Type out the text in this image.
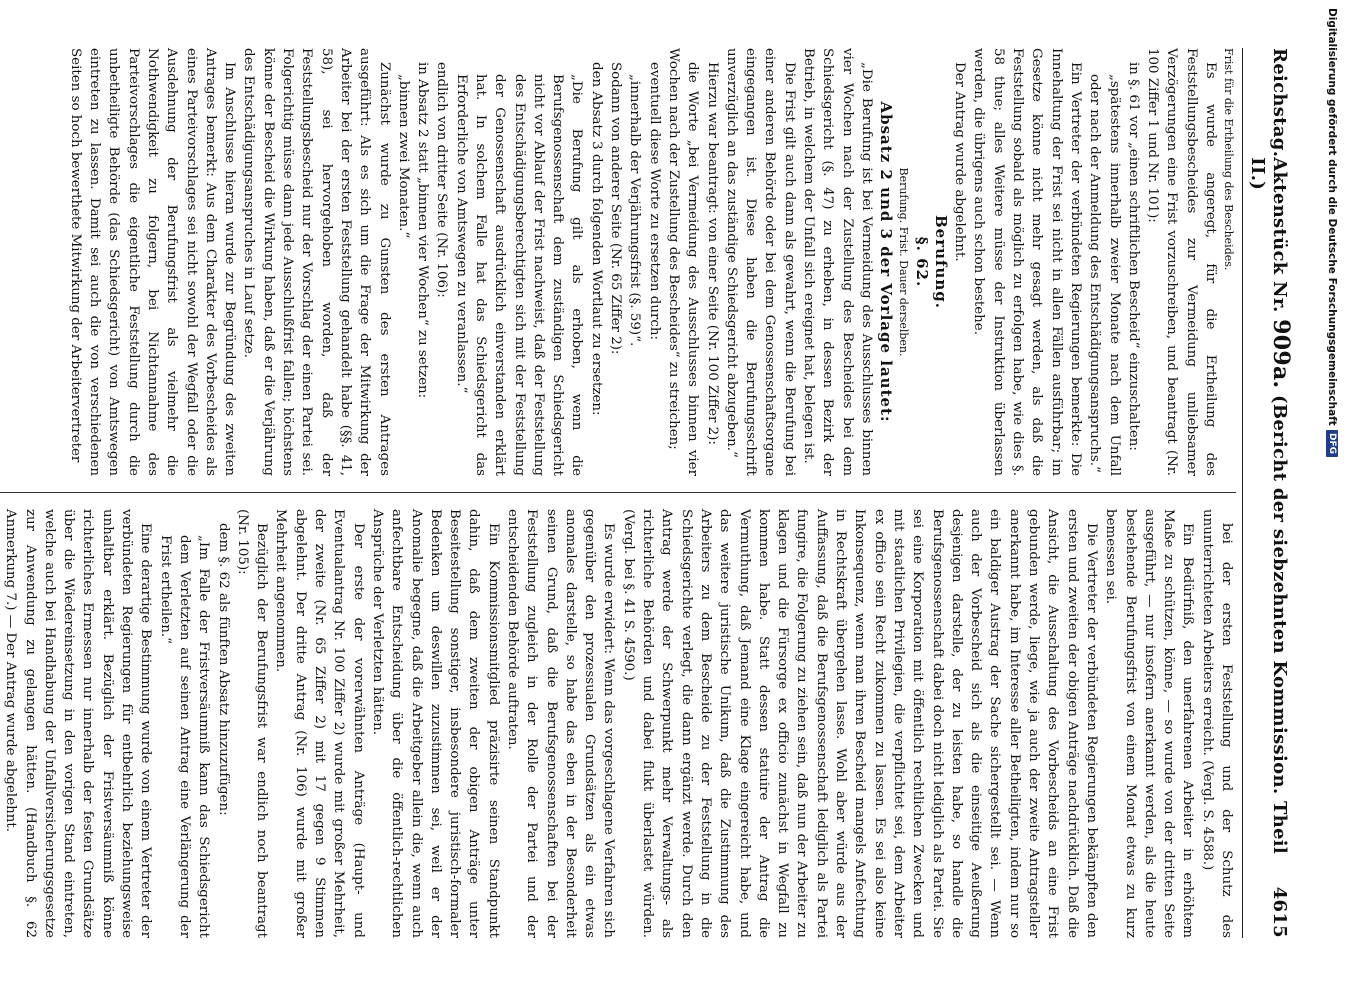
Reichstag.
Aktenstück Nr. 909a. (Bericht der siebzehnten Kommission. Theil II.)
4615

Frist für die Ertheilung des Bescheides.

Es wurde angeregt, für die Ertheilung des Feststellungsbescheides zur Vermeidung unliebsamer Verzögerungen eine Frist vorzuschreiben, und beantragt (Nr. 100 Ziffer 1 und Nr. 101):

in §. 61 vor „einen schriftlichen Bescheid“ einzuschalten:

„spätestens innerhalb zweier Monate nach dem Unfall oder nach der Anmeldung des Entschädigungsanspruchs.“

Ein Vertreter der verbündeten Regierungen bemerkte: Die Innehaltung der Frist sei nicht in allen Fällen ausführbar; im Gesetze könne nicht mehr gesagt werden, als daß die Feststellung sobald als möglich zu erfolgen habe, wie dies §. 58 thue; alles Weitere müsse der Instruktion überlassen werden, die übrigens auch schon bestehe.

Der Antrag wurde abgelehnt.

Berufung.

§. 62.

Berufung. Frist. Dauer derselben.

Absatz 2 und 3 der Vorlage lautet:

„Die Berufung ist bei Vermeidung des Ausschlusses binnen vier Wochen nach der Zustellung des Bescheides bei dem Schiedsgericht (§. 47) zu erheben, in dessen Bezirk der Betrieb, in welchem der Unfall sich ereignet hat, belegen ist.

Die Frist gilt auch dann als gewahrt, wenn die Berufung bei einer anderen Behörde oder bei dem Genossenschaftsorgane eingegangen ist. Diese haben die Berufungsschrift unverzüglich an das zuständige Schiedsgericht abzugeben.“

Hierzu war beantragt: von einer Seite (Nr. 100 Ziffer 2):

die Worte „bei Vermeidung des Ausschlusses binnen vier Wochen nach der Zustellung des Bescheides“ zu streichen;

eventuell diese Worte zu ersetzen durch:

„innerhalb der Verjährungsfrist (§. 59)“.

Sodann von anderer Seite (Nr. 65 Ziffer 2):

den Absatz 3 durch folgenden Wortlaut zu ersetzen:

„Die Berufung gilt als erhoben, wenn die Berufsgenossenschaft dem zuständigen Schiedsgericht nicht vor Ablauf der Frist nachweist, daß der Feststellung des Entschädigungsberechtigten sich mit der Feststellung der Genossenschaft ausdrücklich einverstanden erklärt hat. In solchem Falle hat das Schiedsgericht das Erforderliche von Amtswegen zu veranlassen.“

endlich von dritter Seite (Nr. 106):

in Absatz 2 statt „binnen vier Wochen“ zu setzen:

„binnen zwei Monaten.“

Zunächst wurde zu Gunsten des ersten Antrages ausgeführt: Als es sich um die Frage der Mitwirkung der Arbeiter bei der ersten Feststellung gehandelt habe (§§. 41, 58), sei hervorgehoben worden, daß der Feststellungsbescheid nur der Vorschlag der einen Partei sei. Folgerichtig müsse dann jede Ausschlußfrist fallen; höchstens könne der Bescheid die Wirkung haben, daß er die Verjährung des Entschädigungsanspruches in Lauf setze.

Im Anschlusse hieran wurde zur Begründung des zweiten Antrages bemerkt: Aus dem Charakter des Vorbescheides als eines Parteivorschlages sei nicht sowohl der Wegfall oder die Ausdehnung der Berufungsfrist als vielmehr die Nothwendigkeit zu folgern, bei Nichtannahme des Parteivorschlages die eigentliche Feststellung durch die unbetheiligte Behörde (das Schiedsgericht) von Amtswegen eintreten zu lassen. Damit sei auch die von verschiedenen Seiten so hoch bewerthete Mitwirkung der Arbeitervertreter

bei der ersten Feststellung und der Schutz des ununterrichteten Arbeiters erreicht. (Vergl. S. 4588.)

Ein Bedürfniß, den unerfahrenen Arbeiter in erhöhtem Maße zu schützen, könne, — so wurde von der dritten Seite ausgeführt, — nur insofern anerkannt werden, als die heute bestehende Berufungsfrist von einem Monat etwas zu kurz bemessen sei.

Die Vertreter der verbündeten Regierungen bekämpften den ersten und zweiten der obigen Anträge nachdrücklich. Daß die Ansicht, die Ausschaltung des Vorbescheids an eine Frist gebunden werde, liege, wie ja auch der zweite Antragsteller anerkannt habe, im Interesse aller Betheiligten, indem nur so ein baldiger Austrag der Sache sichergestellt sei. — Wenn auch der Vorbescheid sich als die einseitige Aeußerung desjenigen darstelle, der zu leisten habe, so handle die Berufsgenossenschaft dabei doch nicht lediglich als Partei. Sie sei eine Korporation mit öffentlich rechtlichen Zwecken und mit staatlichen Privilegien, die verpflichtet sei, dem Arbeiter ex officio sein Recht zukommen zu lassen. Es sei also keine Inkonsequenz, wenn man ihren Bescheid mangels Anfechtung in Rechtskraft übergehen lasse. Wohl aber würde aus der Auffassung, daß die Berufsgenossenschaft lediglich als Partei fungire, die Folgerung zu ziehen sein, daß nun der Arbeiter zu klagen und die Fürsorge ex officio zunächst in Wegfall zu kommen habe. Statt dessen statuire der Antrag die Vermuthung, daß Jemand eine Klage eingereicht habe, und das weitere juristische Unikum, daß die Zustimmung des Arbeiters zu dem Bescheide zu der Feststellung in die Schiedsgerichte verlegt, die dann ergänzt werde. Durch den Antrag werde der Schwerpunkt mehr Verwaltungs- als richterliche Behörden und dabei flukt überlastet würden. (Vergl. bei §. 41 S. 4590.)

Es wurde erwidert: Wenn das vorgeschlagene Verfahren sich gegenüber den prozessualen Grundsätzen als ein etwas anomales darstelle, so habe das eben in der Besonderheit seinen Grund, daß die Berufsgenossenschaften bei der Feststellung zugleich in der Rolle der Partei und der entscheidenden Behörde auftraten.

Ein Kommissionsmitglied präzisirte seinen Standpunkt dahin, daß dem zweiten der obigen Anträge unter Beseitestellung sonstiger, insbesondere juristisch-formaler Bedenken um deswillen zuzustimmen sei, weil er der Anomalie begegne, daß die Arbeitgeber allein die, wenn auch anfechtbare Entscheidung über die öffentlich-rechtlichen Ansprüche der Verletzten hätten.

Der erste der vorerwähnten Anträge (Haupt- und Eventualantrag Nr. 100 Ziffer 2) wurde mit großer Mehrheit, der zweite (Nr. 65 Ziffer 2) mit 17 gegen 9 Stimmen abgelehnt. Der dritte Antrag (Nr. 106) wurde mit großer Mehrheit angenommen.

Bezüglich der Berufungsfrist war endlich noch beantragt (Nr. 105):

dem §. 62 als fünften Absatz hinzuzufügen:

„Im Falle der Fristversäumniß kann das Schiedsgericht dem Verletzten auf seinen Antrag eine Verlängerung der Frist ertheilen.“

Eine derartige Bestimmung wurde von einem Vertreter der verbündeten Regierungen für entbehrlich beziehungsweise unhaltbar erklärt. Bezüglich der Fristversäumniß könne richterliches Ermessen nur innerhalb der festen Grundsätze über die Wiedereinsetzung in den vorigen Stand eintreten, welche auch bei Handhabung der Unfallversicherungsgesetze zur Anwendung zu gelangen hätten. (Handbuch §. 62 Anmerkung 7.) — Der Antrag wurde abgelehnt.

Digitalisierung gefördert durch die Deutsche Forschungsgemeinschaft
DFG
